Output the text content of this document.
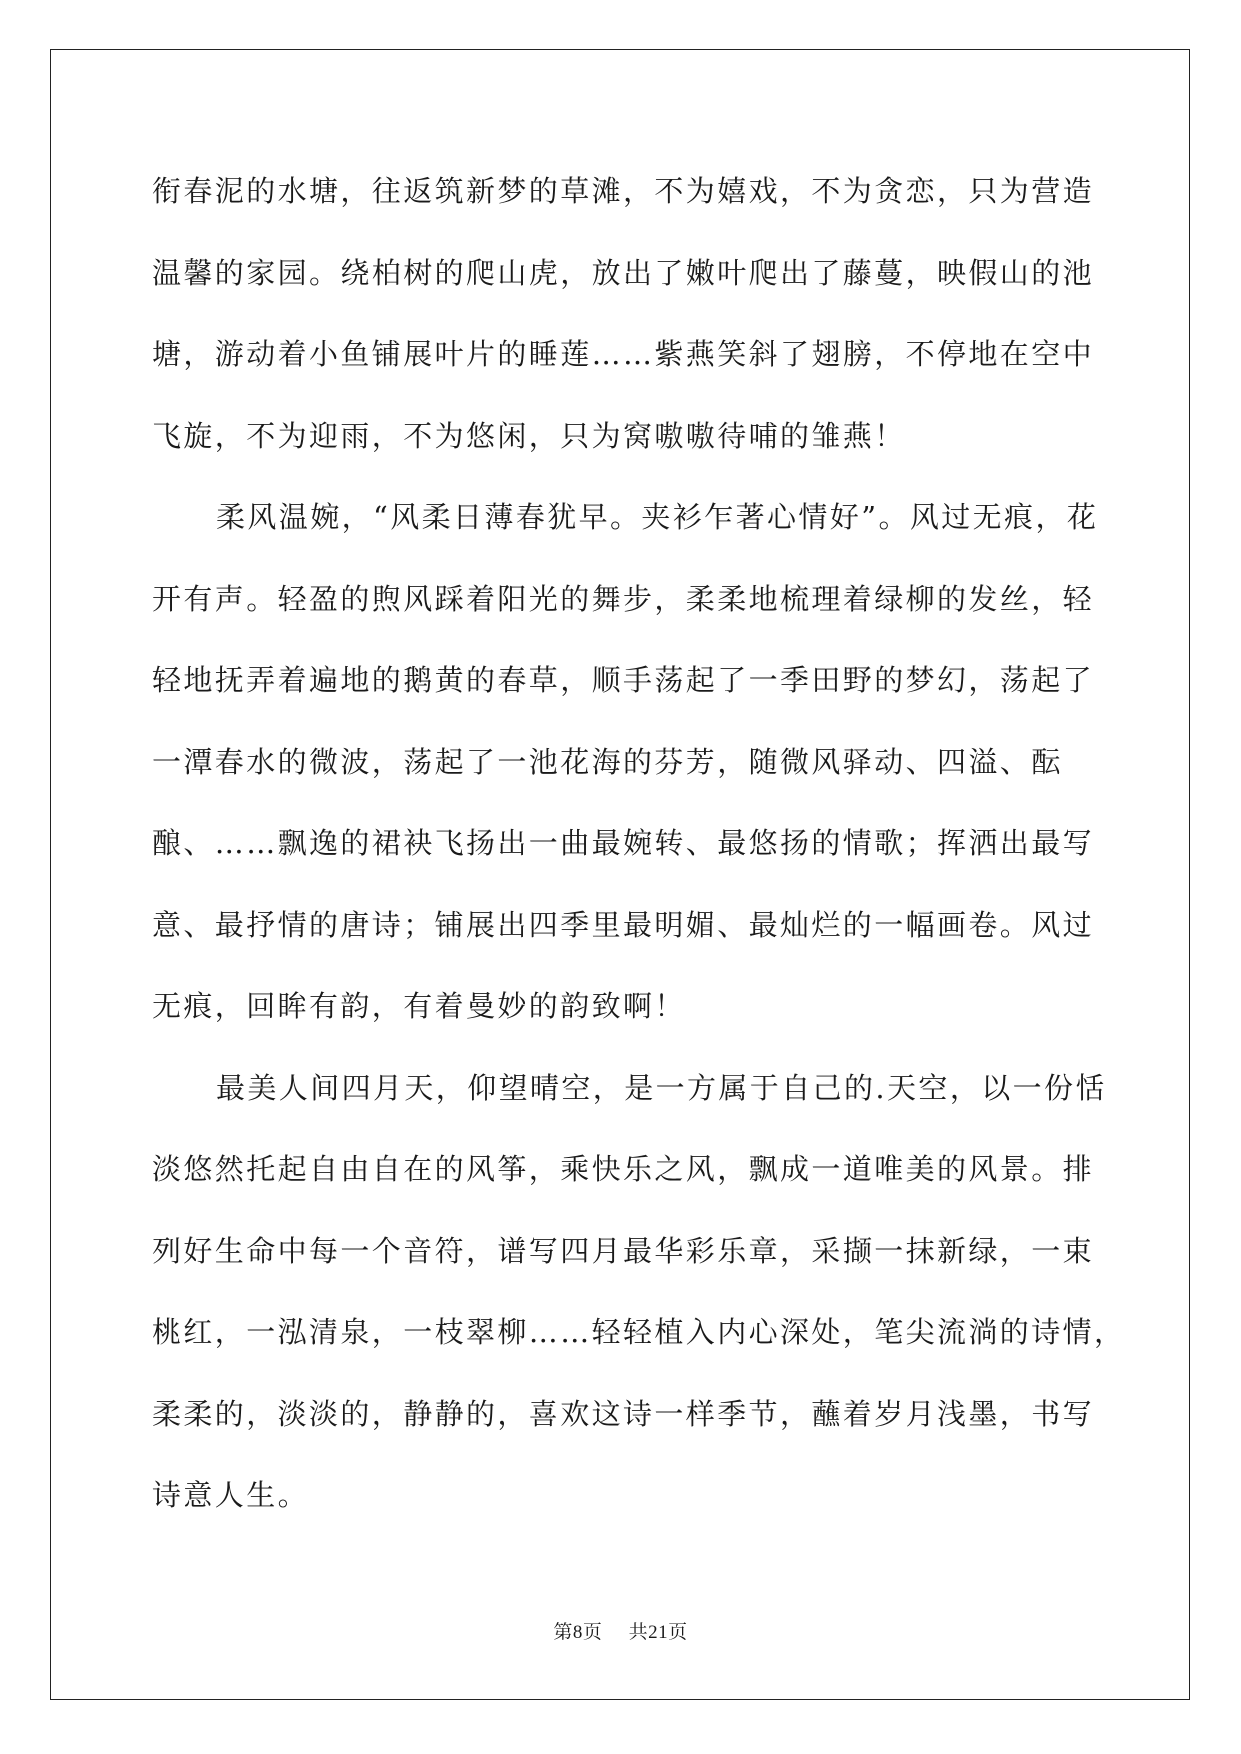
衔春泥的水塘，往返筑新梦的草滩，不为嬉戏，不为贪恋，只为营造
温馨的家园。绕柏树的爬山虎，放出了嫩叶爬出了藤蔓，映假山的池
塘，游动着小鱼铺展叶片的睡莲……紫燕笑斜了翅膀，不停地在空中
飞旋，不为迎雨，不为悠闲，只为窝嗷嗷待哺的雏燕！
柔风温婉，“风柔日薄春犹早。夹衫乍著心情好”。风过无痕，花
开有声。轻盈的煦风踩着阳光的舞步，柔柔地梳理着绿柳的发丝，轻
轻地抚弄着遍地的鹅黄的春草，顺手荡起了一季田野的梦幻，荡起了
一潭春水的微波，荡起了一池花海的芬芳，随微风驿动、四溢、酝
酿、……飘逸的裙袂飞扬出一曲最婉转、最悠扬的情歌；挥洒出最写
意、最抒情的唐诗；铺展出四季里最明媚、最灿烂的一幅画卷。风过
无痕，回眸有韵，有着曼妙的韵致啊！
最美人间四月天，仰望晴空，是一方属于自己的.天空，以一份恬
淡悠然托起自由自在的风筝，乘快乐之风，飘成一道唯美的风景。排
列好生命中每一个音符，谱写四月最华彩乐章，采撷一抹新绿，一束
桃红，一泓清泉，一枝翠柳……轻轻植入内心深处，笔尖流淌的诗情，
柔柔的，淡淡的，静静的，喜欢这诗一样季节，蘸着岁月浅墨，书写
诗意人生。
第8页 共21页
